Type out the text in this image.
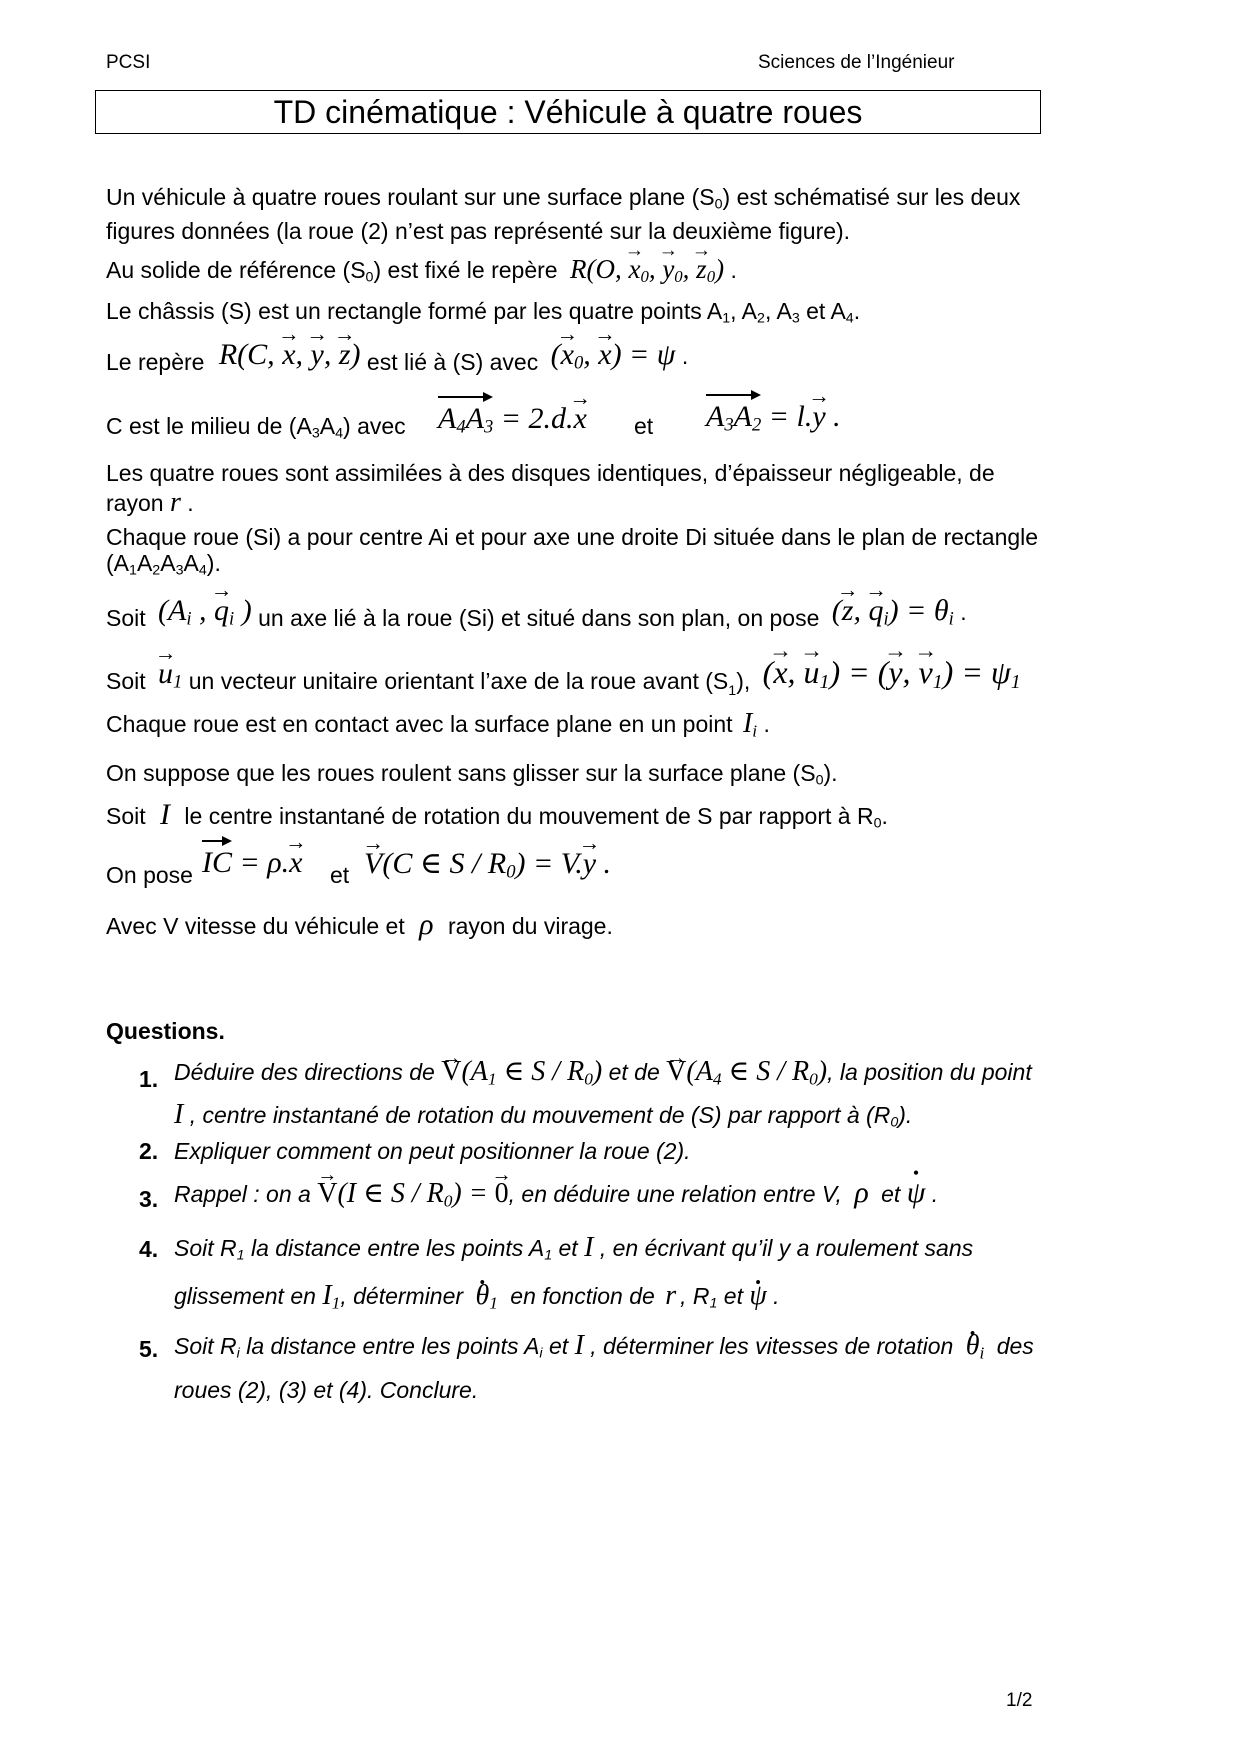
PCSI	Sciences de l’Ingénieur
TD cinématique : Véhicule à quatre roues
Un véhicule à quatre roues roulant sur une surface plane $(S_0)$ est schématisé sur les deux
figures données (la roue (2) n’est pas représenté sur la deuxième figure).
Au solide de référence $(S_0)$ est fixé le repère R(O, $x \to_0$, $y \to_0$, $z \to_0$) .
Le châssis (S) est un rectangle formé par les quatre points $A_1$, $A_2$, $A_3$ et $A_4$.
Le repère R(C, x →, y →, z →) est lié à (S) avec ($x \to_0$, x →) = ψ .
C est le milieu de $(A_3A_4)$ avec $A_4A_3 = 2.d.x$ → et $A_3A_2 = l.y$ → .
Les quatre roues sont assimilées à des disques identiques, d’épaisseur négligeable, de
rayon r .
Chaque roue (Si) a pour centre Ai et pour axe une droite Di située dans le plan de rectangle
$(A_1A_2A_3A_4)$.
Soit ($A_i$ , $q \to_i$ ) un axe lié à la roue (Si) et situé dans son plan, on pose (z →, $q \to_i) = \theta_i$ .
Soit $u \to_1$ un vecteur unitaire orientant l’axe de la roue avant $(S_1)$, (x →, $u \to_1) = (y$ →, $v \to_1) = \psi_1$
Chaque roue est en contact avec la surface plane en un point $I_i$ .
On suppose que les roues roulent sans glisser sur la surface plane $(S_0)$.
Soit I le centre instantané de rotation du mouvement de S par rapport à $R_0$.
On pose IC = ρ.x → et V →(C ∈ $S / R_0) = V.y$ → .
Avec V vitesse du véhicule et ρ rayon du virage.
Questions.
1. Déduire des directions de $V \to(A_1$ ∈ S / $R_0$) et de $V \to(A_4$ ∈ S / $R_0$), la position du point
I , centre instantané de rotation du mouvement de (S) par rapport à $(R_0)$.
2. Expliquer comment on peut positionner la roue (2).
3. Rappel : on a V →(I ∈ $S / R_0) = 0$ →, en déduire une relation entre V, ρ et ψ • .
4. Soit $R_1$ la distance entre les points $A_1$ et I , en écrivant qu’il y a roulement sans
glissement en $I_1$, déterminer θ $•_1$ en fonction de r , $R_1$ et ψ • .
5. Soit $R_i$ la distance entre les points $A_i$ et I , déterminer les vitesses de rotation θ $•_i$ des
roues (2), (3) et (4). Conclure.
1/2
